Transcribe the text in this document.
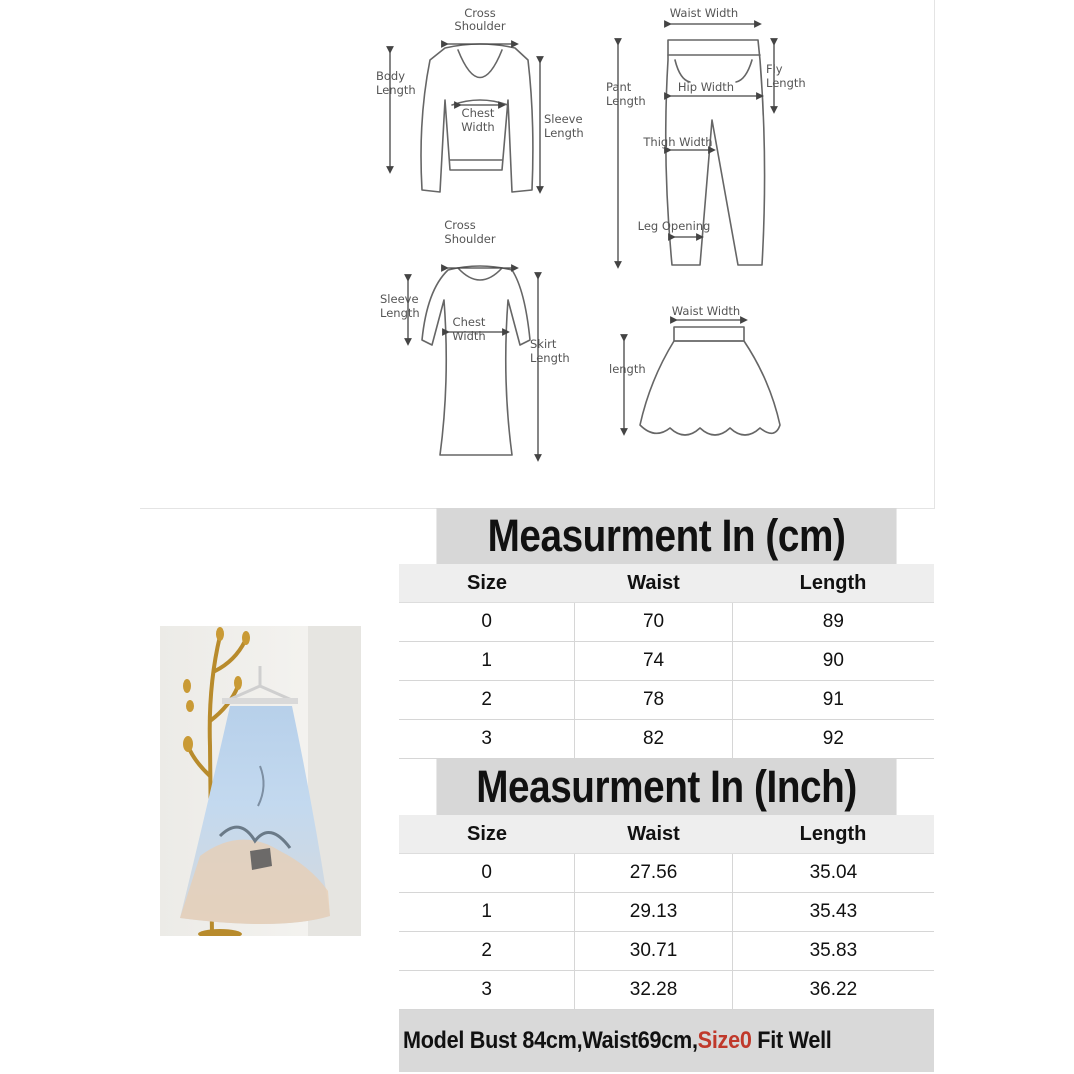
Cross
Shoulder
Body
Length
Chest
Width
Sleeve
Length
Waist Width
Pant
Length
Fly
Length
Hip Width
Thigh Width
Leg Opening
Cross
Shoulder
Sleeve
Length
Chest
Width
Skirt
Length
Waist Width
length
Measurment In (cm)
Size	Waist	Length
0	70	89
1	74	90
2	78	91
3	82	92
Measurment In (Inch)
Size	Waist	Length
0	27.56	35.04
1	29.13	35.43
2	30.71	35.83
3	32.28	36.22
Model Bust 84cm,Waist69cm,Size0 Fit Well
